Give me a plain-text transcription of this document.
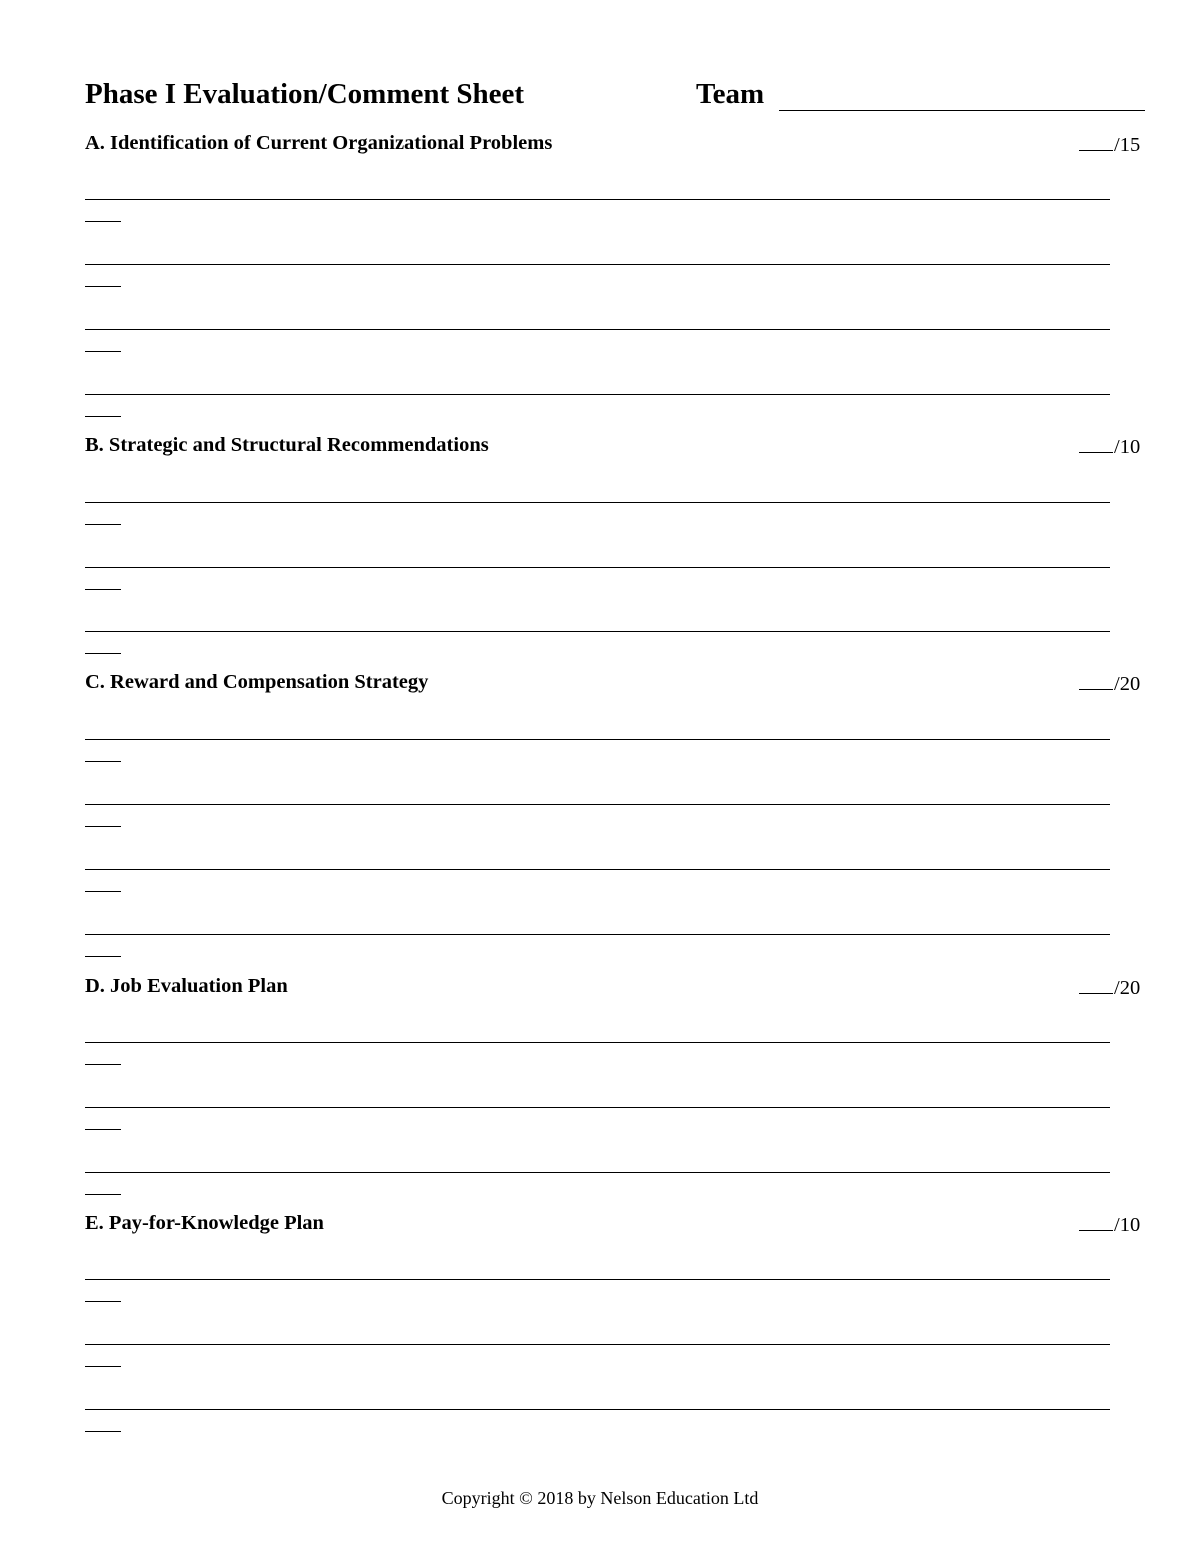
Phase I Evaluation/Comment Sheet	Team
A. Identification of Current Organizational Problems	/15
B. Strategic and Structural Recommendations	/10
C. Reward and Compensation Strategy	/20
D. Job Evaluation Plan	/20
E. Pay-for-Knowledge Plan	/10
Copyright © 2018 by Nelson Education Ltd
